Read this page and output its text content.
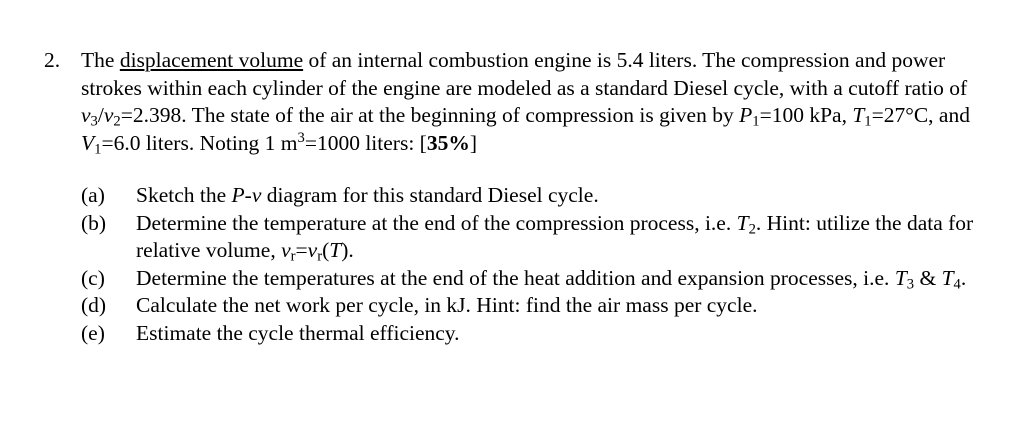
2. The displacement volume of an internal combustion engine is 5.4 liters. The compression and power strokes within each cylinder of the engine are modeled as a standard Diesel cycle, with a cutoff ratio of $v_3/v_2=2.398$. The state of the air at the beginning of compression is given by $P_1=100$ kPa, $T_1=27^\circ C$, and $V_1=6.0$ liters. Noting 1 $m^3=1000$ liters: [35%]
(a)	Sketch the P-v diagram for this standard Diesel cycle.
(b)	Determine the temperature at the end of the compression process, i.e. $T_2$. Hint: utilize the data for relative volume, $v_r=v_r(T)$.
(c)	Determine the temperatures at the end of the heat addition and expansion processes, i.e. $T_3$ & $T_4$.
(d)	Calculate the net work per cycle, in kJ. Hint: find the air mass per cycle.
(e)	Estimate the cycle thermal efficiency.
